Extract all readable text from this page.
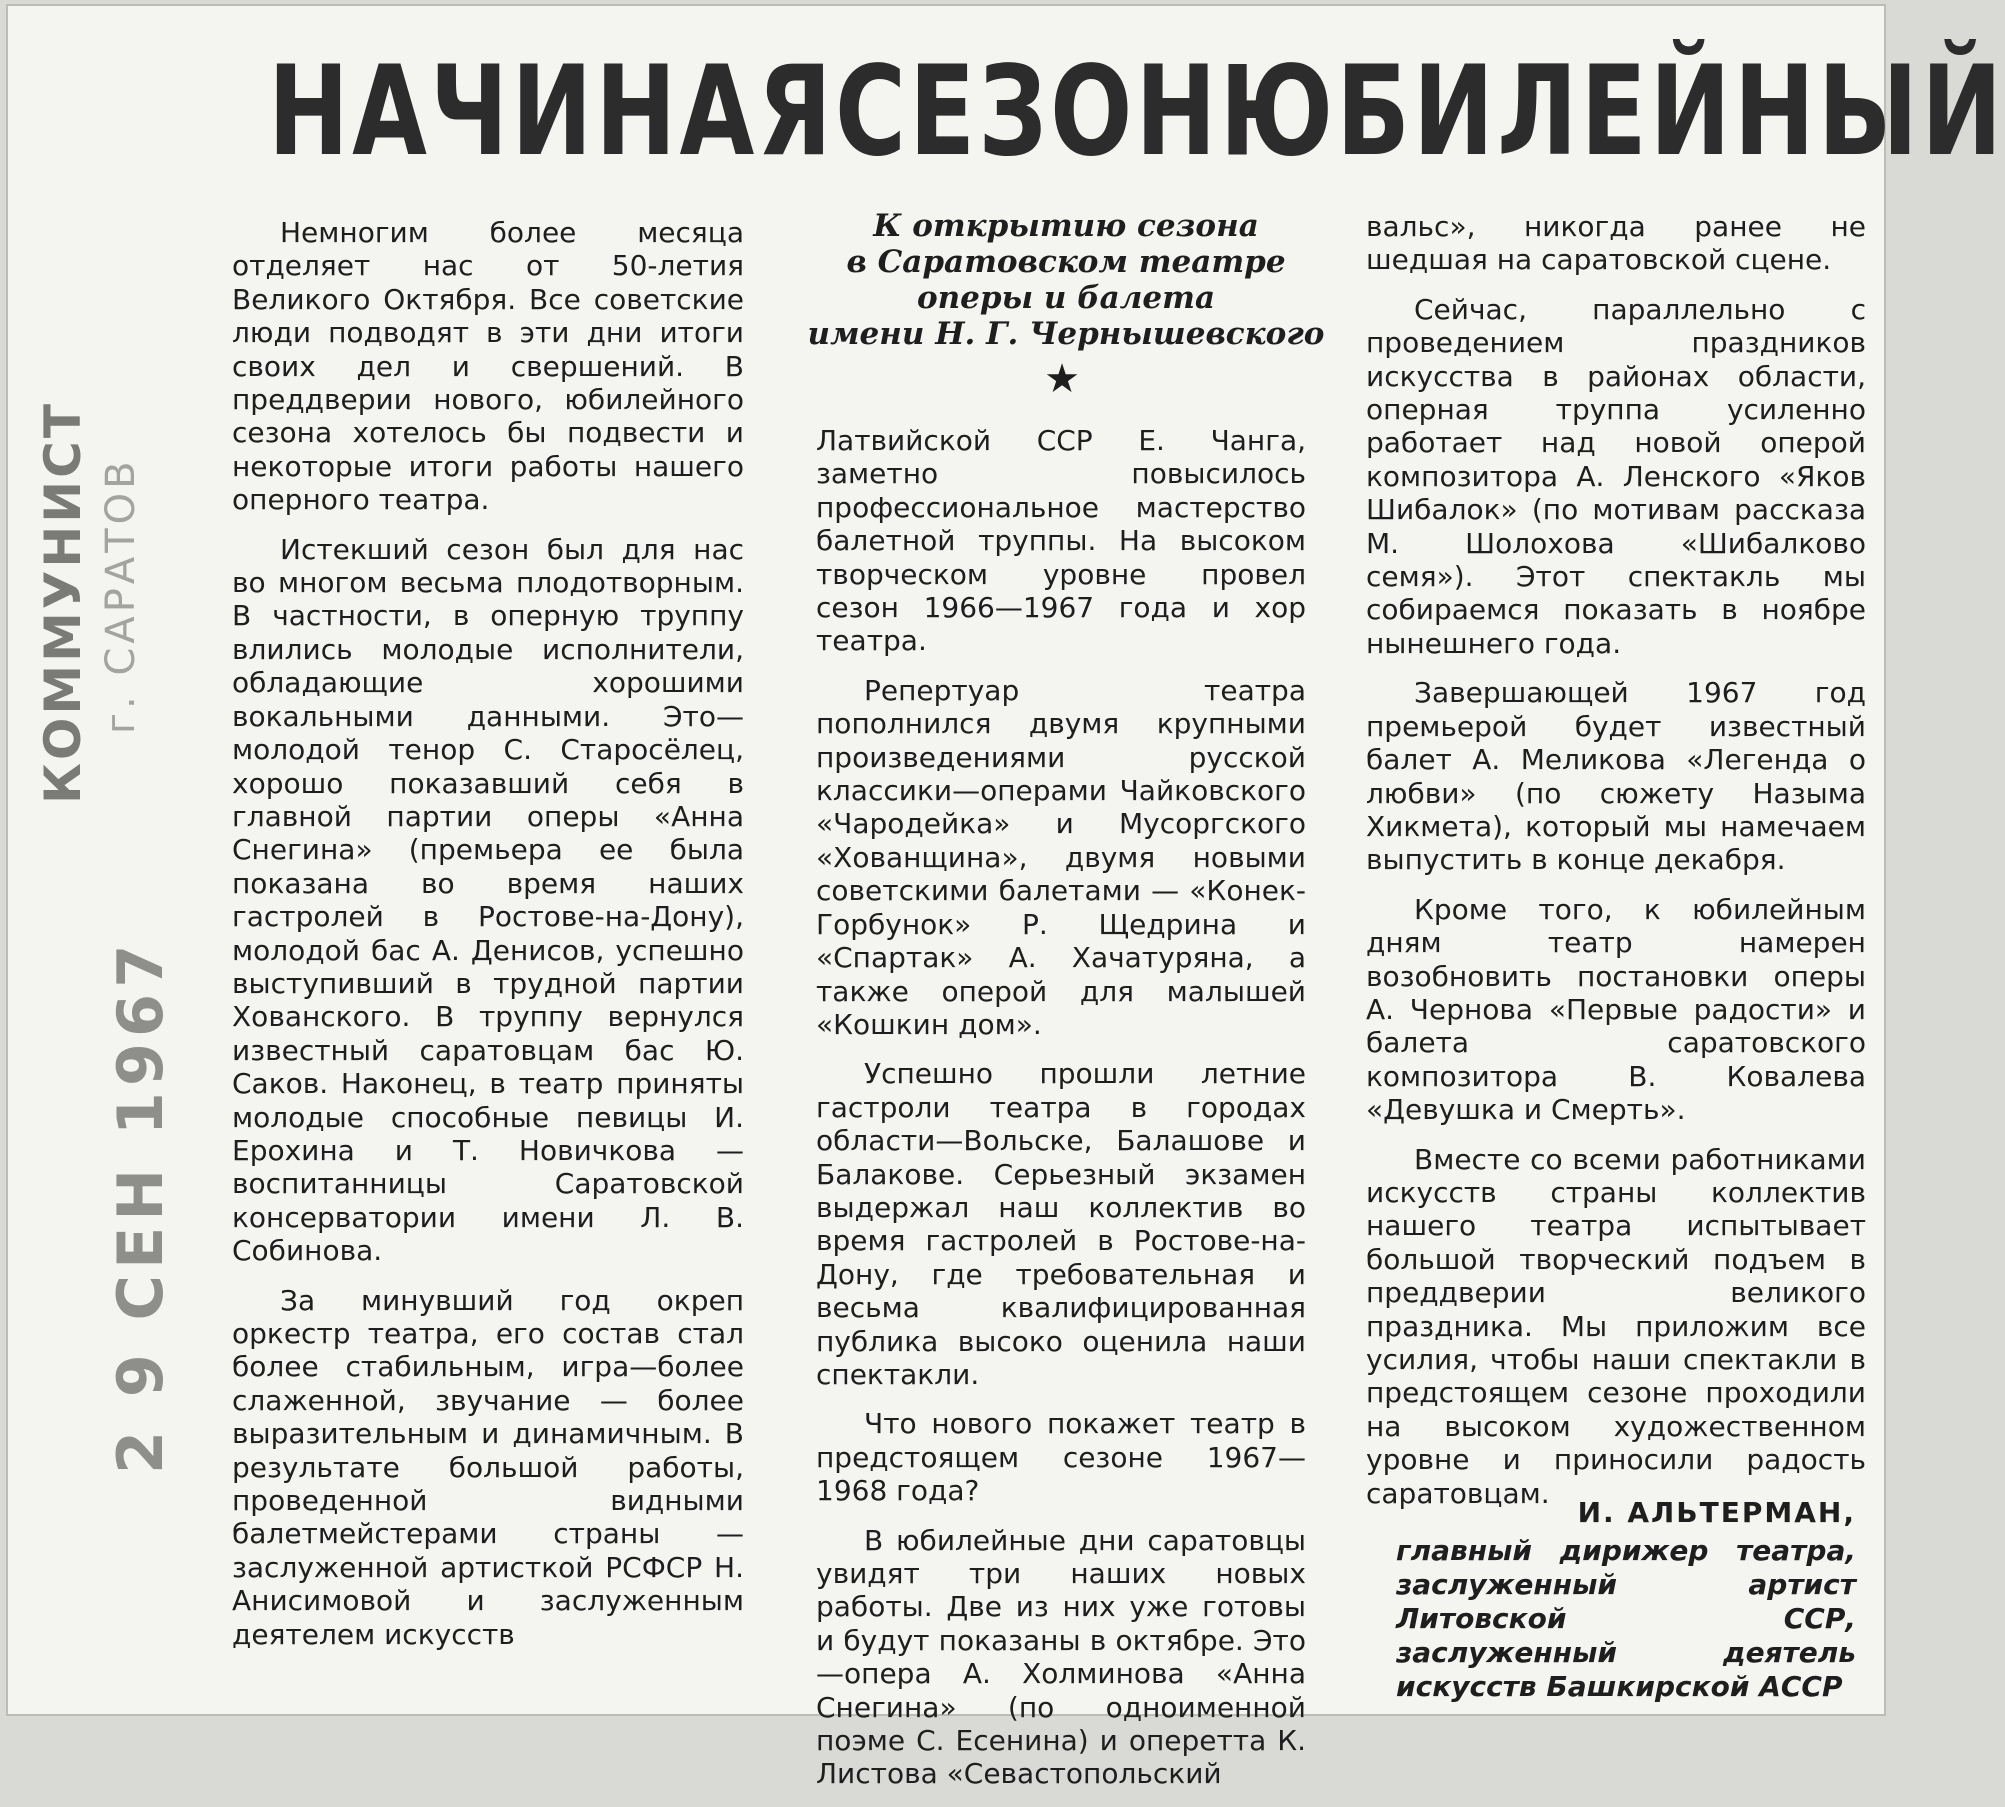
НАЧИНАЯ СЕЗОН ЮБИЛЕЙНЫЙ
КОММУНИСТ г. САРАТОВ
2 9 СЕН 1967

Немногим более месяца отделяет нас от 50-летия Великого Октября. Все советские люди подводят в эти дни итоги своих дел и свершений. В преддверии нового, юбилейного сезона хотелось бы подвести и некоторые итоги работы нашего оперного театра.

Истекший сезон был для нас во многом весьма плодотворным. В частности, в оперную труппу влились молодые исполнители, обладающие хорошими вокальными данными. Это—молодой тенор С. Старосёлец, хорошо показавший себя в главной партии оперы «Анна Снегина» (премьера ее была показана во время наших гастролей в Ростове-на-Дону), молодой бас А. Денисов, успешно выступивший в трудной партии Хованского. В труппу вернулся известный саратовцам бас Ю. Саков. Наконец, в театр приняты молодые способные певицы И. Ерохина и Т. Новичкова — воспитанницы Саратовской консерватории имени Л. В. Собинова.

За минувший год окреп оркестр театра, его состав стал более стабильным, игра—более слаженной, звучание — более выразительным и динамичным. В результате большой работы, проведенной видными балетмейстерами страны — заслуженной артисткой РСФСР Н. Анисимовой и заслуженным деятелем искусств

К открытию сезона
в Саратовском театре
оперы и балета
имени Н. Г. Чернышевского
★

Латвийской ССР Е. Чанга, заметно повысилось профессиональное мастерство балетной труппы. На высоком творческом уровне провел сезон 1966—1967 года и хор театра.

Репертуар театра пополнился двумя крупными произведениями русской классики—операми Чайковского «Чародейка» и Мусоргского «Хованщина», двумя новыми советскими балетами — «Конек-Горбунок» Р. Щедрина и «Спартак» А. Хачатуряна, а также оперой для малышей «Кошкин дом».

Успешно прошли летние гастроли театра в городах области—Вольске, Балашове и Балакове. Серьезный экзамен выдержал наш коллектив во время гастролей в Ростове-на-Дону, где требовательная и весьма квалифицированная публика высоко оценила наши спектакли.

Что нового покажет театр в предстоящем сезоне 1967—1968 года?

В юбилейные дни саратовцы увидят три наших новых работы. Две из них уже готовы и будут показаны в октябре. Это—опера А. Холминова «Анна Снегина» (по одноименной поэме С. Есенина) и оперетта К. Листова «Севастопольский

вальс», никогда ранее не шедшая на саратовской сцене.

Сейчас, параллельно с проведением праздников искусства в районах области, оперная труппа усиленно работает над новой оперой композитора А. Ленского «Яков Шибалок» (по мотивам рассказа М. Шолохова «Шибалково семя»). Этот спектакль мы собираемся показать в ноябре нынешнего года.

Завершающей 1967 год премьерой будет известный балет А. Меликова «Легенда о любви» (по сюжету Назыма Хикмета), который мы намечаем выпустить в конце декабря.

Кроме того, к юбилейным дням театр намерен возобновить постановки оперы А. Чернова «Первые радости» и балета саратовского композитора В. Ковалева «Девушка и Смерть».

Вместе со всеми работниками искусств страны коллектив нашего театра испытывает большой творческий подъем в преддверии великого праздника. Мы приложим все усилия, чтобы наши спектакли в предстоящем сезоне проходили на высоком художественном уровне и приносили радость саратовцам.

И. АЛЬТЕРМАН,
главный дирижер театра, заслуженный артист Литовской ССР, заслуженный деятель искусств Башкирской АССР
